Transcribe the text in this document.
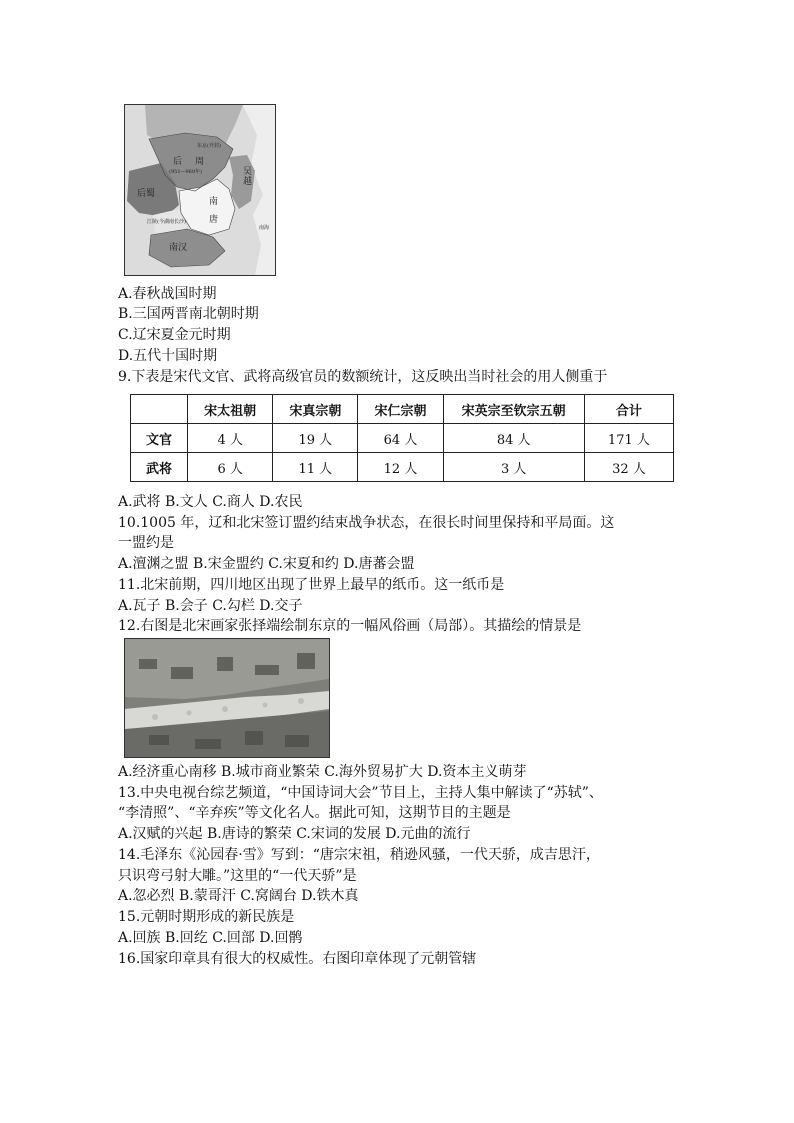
后 周
东京(开封)
(951—960年)
后蜀
吴越
南
唐
江陵(今湖南长沙)
南汉
南海
A.春秋战国时期
B.三国两晋南北朝时期
C.辽宋夏金元时期
D.五代十国时期
9.下表是宋代文官、武将高级官员的数额统计，这反映出当时社会的用人侧重于
	宋太祖朝	宋真宗朝	宋仁宗朝	宋英宗至钦宗五朝	合计
文官	4 人	19 人	64 人	84 人	171 人
武将	6 人	11 人	12 人	3 人	32 人
A.武将 B.文人 C.商人 D.农民
10.1005 年，辽和北宋签订盟约结束战争状态，在很长时间里保持和平局面。这
一盟约是
A.澶渊之盟 B.宋金盟约 C.宋夏和约 D.唐蕃会盟
11.北宋前期，四川地区出现了世界上最早的纸币。这一纸币是
A.瓦子 B.会子 C.勾栏 D.交子
12.右图是北宋画家张择端绘制东京的一幅风俗画（局部）。其描绘的情景是
A.经济重心南移 B.城市商业繁荣 C.海外贸易扩大 D.资本主义萌芽
13.中央电视台综艺频道，“中国诗词大会”节目上，主持人集中解读了“苏轼”、
“李清照”、“辛弃疾”等文化名人。据此可知，这期节目的主题是
A.汉赋的兴起 B.唐诗的繁荣 C.宋词的发展 D.元曲的流行
14.毛泽东《沁园春·雪》写到：“唐宗宋祖，稍逊风骚，一代天骄，成吉思汗，
只识弯弓射大雕。”这里的“一代天骄”是
A.忽必烈 B.蒙哥汗 C.窝阔台 D.铁木真
15.元朝时期形成的新民族是
A.回族 B.回纥 C.回部 D.回鹘
16.国家印章具有很大的权威性。右图印章体现了元朝管辖
